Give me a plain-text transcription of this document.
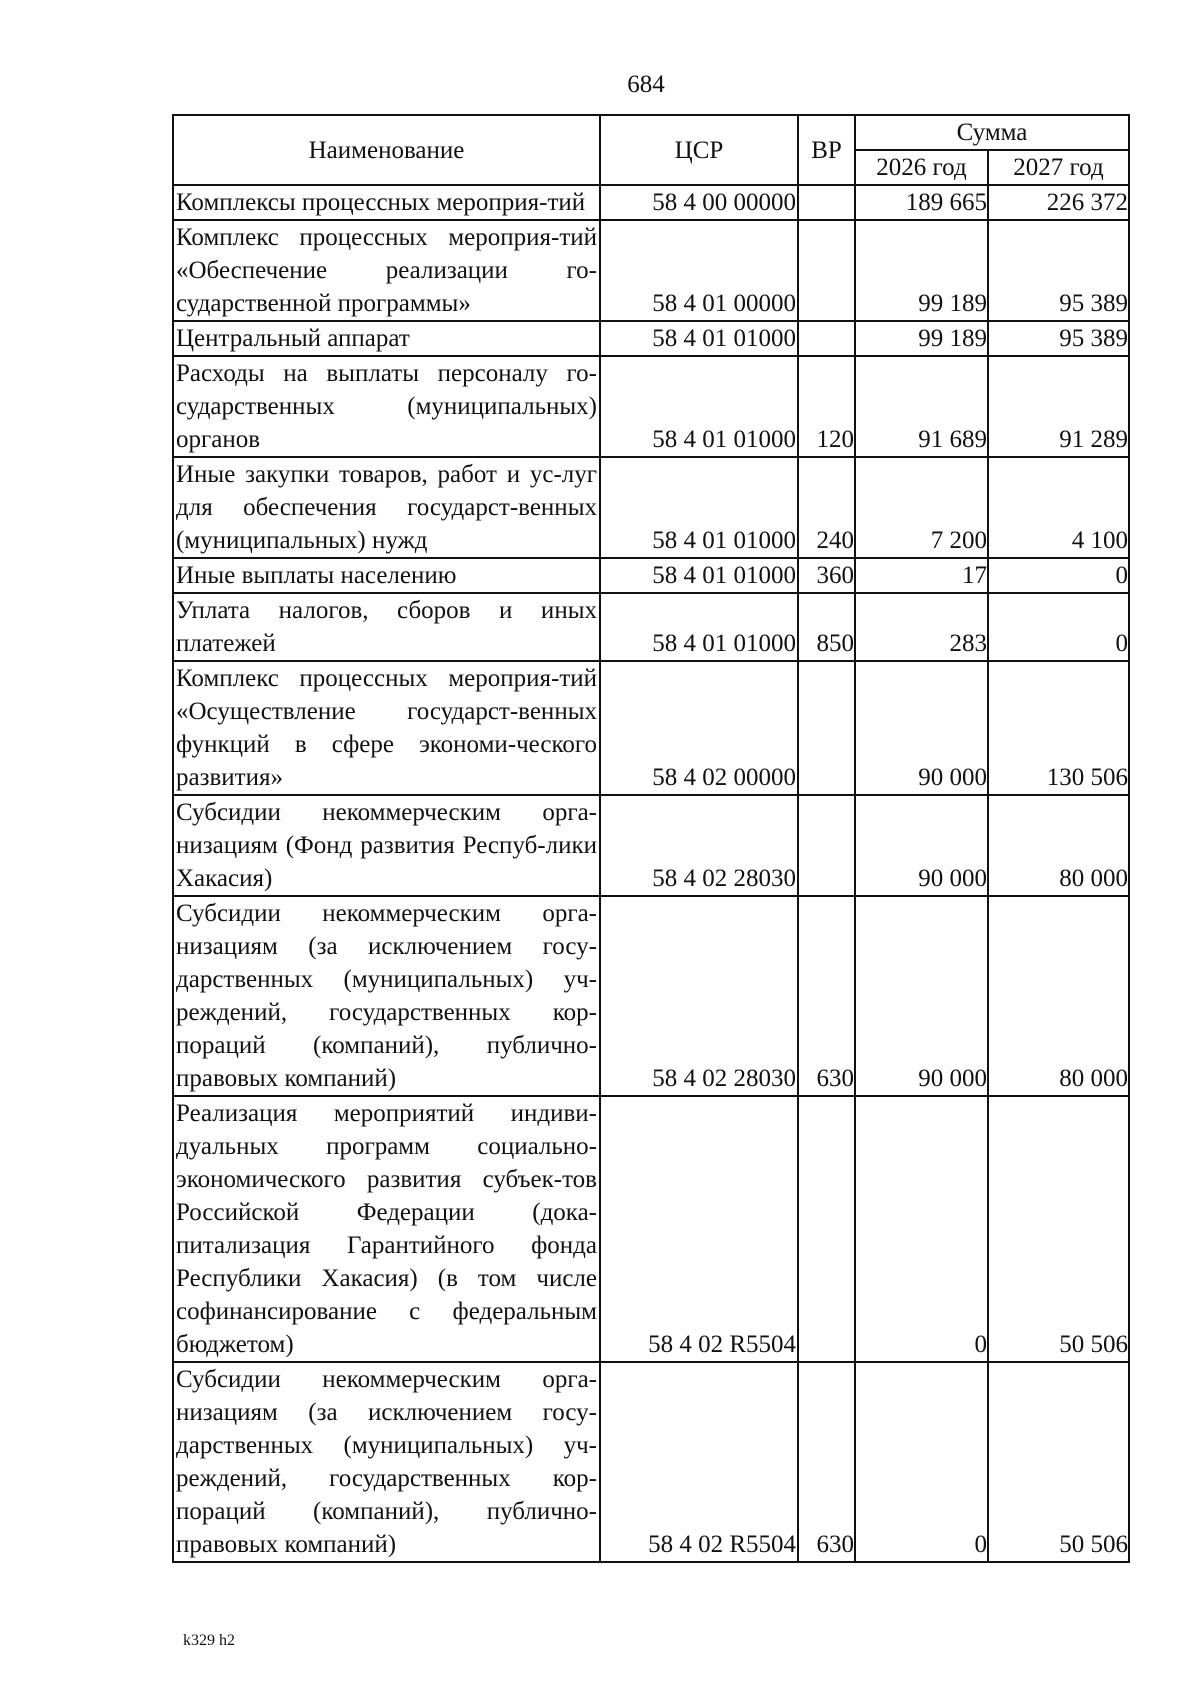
684
Наименование	ЦСР	ВР	Сумма	
			2026 год	2027 год
Комплексы процессных мероприя-тий	58 4 00 00000		189 665	226 372
Комплекс процессных мероприя-тий «Обеспечение реализации го-сударственной программы»	58 4 01 00000		99 189	95 389
Центральный аппарат	58 4 01 01000		99 189	95 389
Расходы на выплаты персоналу го-сударственных (муниципальных) органов	58 4 01 01000	120	91 689	91 289
Иные закупки товаров, работ и ус-луг для обеспечения государст-венных (муниципальных) нужд	58 4 01 01000	240	7 200	4 100
Иные выплаты населению	58 4 01 01000	360	17	0
Уплата налогов, сборов и иных платежей	58 4 01 01000	850	283	0
Комплекс процессных мероприя-тий «Осуществление государст-венных функций в сфере экономи-ческого развития»	58 4 02 00000		90 000	130 506
Субсидии некоммерческим орга-низациям (Фонд развития Респуб-лики Хакасия)	58 4 02 28030		90 000	80 000
Субсидии некоммерческим орга-низациям (за исключением госу-дарственных (муниципальных) уч-реждений, государственных кор-пораций (компаний), публично-правовых компаний)	58 4 02 28030	630	90 000	80 000
Реализация мероприятий индиви-дуальных программ социально-экономического развития субъек-тов Российской Федерации (дока-питализация Гарантийного фонда Республики Хакасия) (в том числе софинансирование с федеральным бюджетом)	58 4 02 R5504		0	50 506
Субсидии некоммерческим орга-низациям (за исключением госу-дарственных (муниципальных) уч-реждений, государственных кор-пораций (компаний), публично-правовых компаний)	58 4 02 R5504	630	0	50 506
k329 h2
